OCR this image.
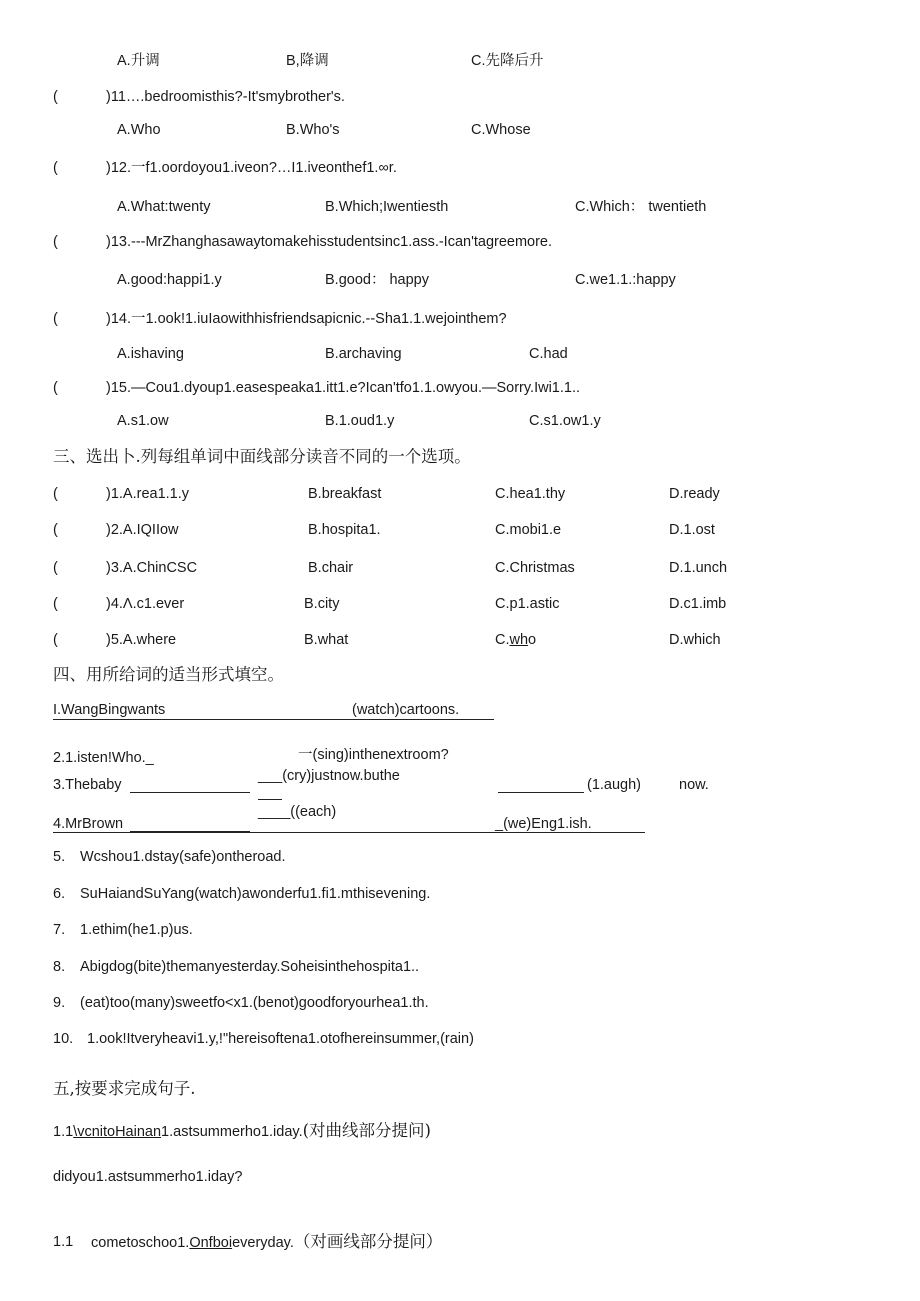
A.升调	B,降调	C.先降后升
(	)11….bedroomisthis?-It'smybrother's.
A.Who	B.Who's	C.Whose
(	)12.一f1.oordoyou1.iveon?…I1.iveonthef1.∞r.
A.What:twenty	B.Which;Iwentiesth	C.Which： twentieth
(	)13.---MrZhanghasawaytomakehisstudentsinc1.ass.-Ican'tagreemore.
A.good:happi1.y	B.good： happy	C.we1.1.:happy
(	)14.一1.ook!1.iuIaowithhisfriendsapicnic.--Sha1.1.wejointhem?
A.ishaving	B.archaving	C.had
(	)15.—Cou1.dyoup1.easespeaka1.itt1.e?Ican'tfo1.1.owyou.—Sorry.Iwi1.1..
A.s1.ow	B.1.oud1.y	C.s1.ow1.y
三、选出卜.列每组单词中面线部分读音不同的一个选项。
(	)1.A.rea1.1.y	B.breakfast	C.hea1.thy	D.ready
(	)2.A.IQIIow	B.hospita1.	C.mobi1.e	D.1.ost
(	)3.A.ChinCSC	B.chair	C.Christmas	D.1.unch
(	)4.Λ.c1.ever	B.city	C.p1.astic	D.c1.imb
(	)5.A.where	B.what	C.who	D.which
四、用所给词的适当形式填空。
I.WangBingwants	(watch)cartoons.
一(sing)inthenextroom?
2.1.isten!Who._
___(cry)justnow.buthe
3.Thebaby	(1.augh)	now.
____((each)
4.MrBrown	_(we)Eng1.ish.
5. Wcshou1.dstay(safe)ontheroad.
6. SuHaiandSuYang(watch)awonderfu1.fi1.mthisevening.
7. 1.ethim(he1.p)us.
8. Abigdog(bite)themanyesterday.Soheisinthehospita1..
9. (eat)too(many)sweetfo<x1.(benot)goodforyourhea1.th.
10. 1.ook!Itveryheavi1.y,!"hereisoftena1.otofhereinsummer,(rain)
五,按要求完成句子.
1.1\vcnitoHainan1.astsummerho1.iday.(对曲线部分提问)
didyou1.astsummerho1.iday?
1.1 cometoschoo1.Onfboieveryday.（对画线部分提问）
